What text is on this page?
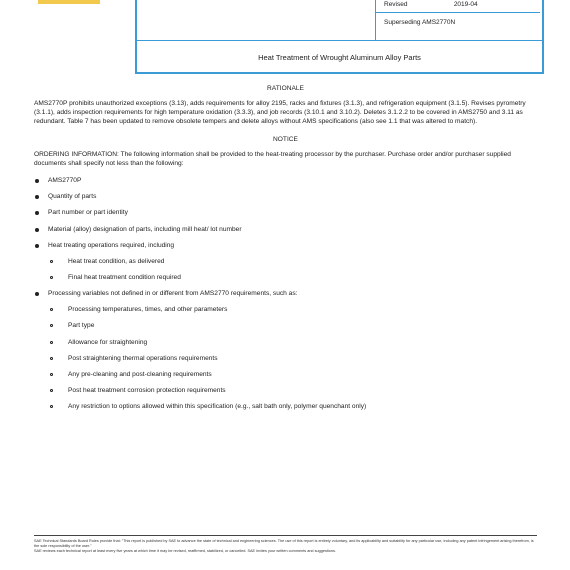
Revised	2019-04
Superseding AMS2770N
Heat Treatment of Wrought Aluminum Alloy Parts
RATIONALE
AMS2770P prohibits unauthorized exceptions (3.13), adds requirements for alloy 2195, racks and fixtures (3.1.3), and refrigeration equipment (3.1.5). Revises pyrometry (3.1.1), adds inspection requirements for high temperature oxidation (3.3.3), and job records (3.10.1 and 3.10.2). Deletes 3.1.2.2 to be covered in AMS2750 and 3.11 as redundant. Table 7 has been updated to remove obsolete tempers and delete alloys without AMS specifications (also see 1.1 that was altered to match).
NOTICE
ORDERING INFORMATION: The following information shall be provided to the heat-treating processor by the purchaser. Purchase order and/or purchaser supplied documents shall specify not less than the following:
AMS2770P
Quantity of parts
Part number or part identity
Material (alloy) designation of parts, including mill heat/ lot number
Heat treating operations required, including
Heat treat condition, as delivered
Final heat treatment condition required
Processing variables not defined in or different from AMS2770 requirements, such as:
Processing temperatures, times, and other parameters
Part type
Allowance for straightening
Post straightening thermal operations requirements
Any pre-cleaning and post-cleaning requirements
Post heat treatment corrosion protection requirements
Any restriction to options allowed within this specification (e.g., salt bath only, polymer quenchant only)
SAE Technical Standards Board Rules provide that: "This report is published by SAE to advance the state of technical and engineering sciences. The use of this report is entirely voluntary, and its applicability and suitability for any particular use, including any patent infringement arising therefrom, is the sole responsibility of the user."
SAE reviews each technical report at least every five years at which time it may be revised, reaffirmed, stabilized, or cancelled. SAE invites your written comments and suggestions.
